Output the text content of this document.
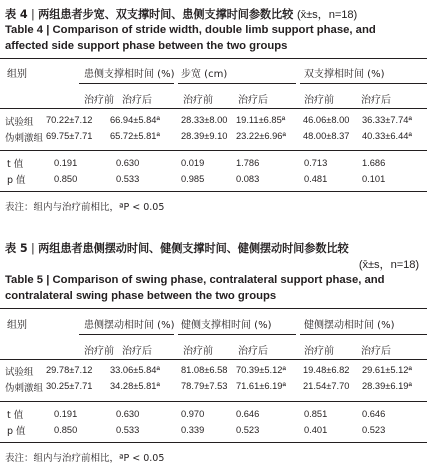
表 4 | 两组患者步宽、双支撑时间、患侧支撑时间参数比较 (x̄±s，n=18)
Table 4 | Comparison of stride width, double limb support phase, and
affected side support phase between the two groups
组别	患侧支撑相时间 (%) 步宽 (cm)	双支撑相时间 (%)
治疗前 治疗后	治疗前	治疗后	治疗前	治疗后
试验组 70.22±7.12 66.94±5.84ª 28.33±8.00 19.11±6.85ª 46.06±8.00 36.33±7.74ª
伪刺激组 69.75±7.71 65.72±5.81ª 28.39±9.10 23.22±6.96ª 48.00±8.37 40.33±6.44ª
t 值	0.191	0.630	0.019	1.786	0.713	1.686
p 值	0.850	0.533	0.985	0.083	0.481	0.101
表注：组内与治疗前相比，ªP < 0.05
表 5 | 两组患者患侧摆动时间、健侧支撑时间、健侧摆动时间参数比较
(x̄±s，n=18)
Table 5 | Comparison of swing phase, contralateral support phase, and
contralateral swing phase between the two groups
组别	患侧摆动相时间 (%) 健侧支撑相时间 (%)	健侧摆动相时间 (%)
治疗前 治疗后	治疗前	治疗后	治疗前	治疗后
试验组 29.78±7.12 33.06±5.84ª 81.08±6.58 70.39±5.12ª 19.48±6.82 29.61±5.12ª
伪刺激组 30.25±7.71 34.28±5.81ª 78.79±7.53 71.61±6.19ª 21.54±7.70 28.39±6.19ª
t 值	0.191	0.630	0.970	0.646	0.851	0.646
p 值	0.850	0.533	0.339	0.523	0.401	0.523
表注：组内与治疗前相比，ªP < 0.05
